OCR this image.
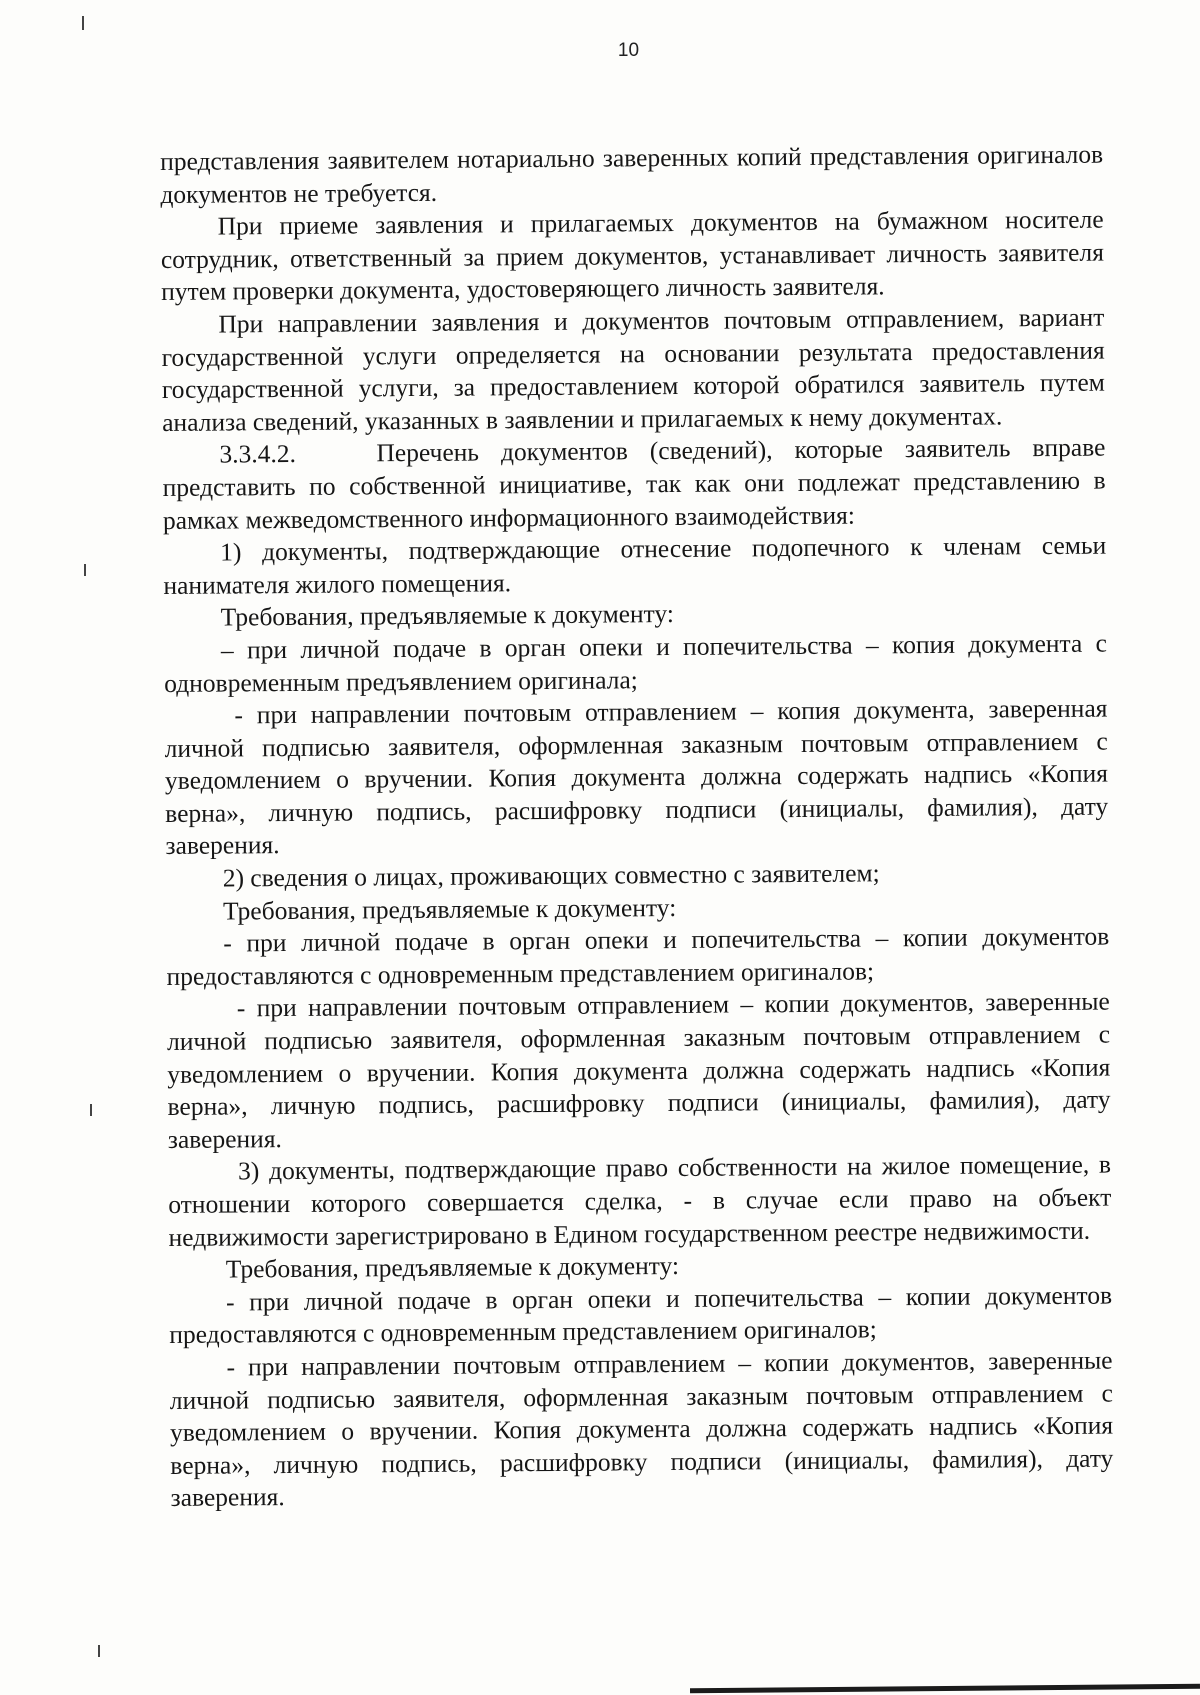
10

представления заявителем нотариально заверенных копий представления оригиналов документов не требуется.

При приеме заявления и прилагаемых документов на бумажном носителе сотрудник, ответственный за прием документов, устанавливает личность заявителя путем проверки документа, удостоверяющего личность заявителя.

При направлении заявления и документов почтовым отправлением, вариант государственной услуги определяется на основании результата предоставления государственной услуги, за предоставлением которой обратился заявитель путем анализа сведений, указанных в заявлении и прилагаемых к нему документах.

3.3.4.2.	Перечень документов (сведений), которые заявитель вправе представить по собственной инициативе, так как они подлежат представлению в рамках межведомственного информационного взаимодействия:

1) документы, подтверждающие отнесение подопечного к членам семьи нанимателя жилого помещения.

Требования, предъявляемые к документу:

– при личной подаче в орган опеки и попечительства – копия документа с одновременным предъявлением оригинала;

- при направлении почтовым отправлением – копия документа, заверенная личной подписью заявителя, оформленная заказным почтовым отправлением с уведомлением о вручении. Копия документа должна содержать надпись «Копия верна», личную подпись, расшифровку подписи (инициалы, фамилия), дату заверения.

2) сведения о лицах, проживающих совместно с заявителем;

Требования, предъявляемые к документу:

- при личной подаче в орган опеки и попечительства – копии документов предоставляются с одновременным представлением оригиналов;

- при направлении почтовым отправлением – копии документов, заверенные личной подписью заявителя, оформленная заказным почтовым отправлением с уведомлением о вручении. Копия документа должна содержать надпись «Копия верна», личную подпись, расшифровку подписи (инициалы, фамилия), дату заверения.

3) документы, подтверждающие право собственности на жилое помещение, в отношении которого совершается сделка, - в случае если право на объект недвижимости зарегистрировано в Едином государственном реестре недвижимости.

Требования, предъявляемые к документу:

- при личной подаче в орган опеки и попечительства – копии документов предоставляются с одновременным представлением оригиналов;

- при направлении почтовым отправлением – копии документов, заверенные личной подписью заявителя, оформленная заказным почтовым отправлением с уведомлением о вручении. Копия документа должна содержать надпись «Копия верна», личную подпись, расшифровку подписи (инициалы, фамилия), дату заверения.
